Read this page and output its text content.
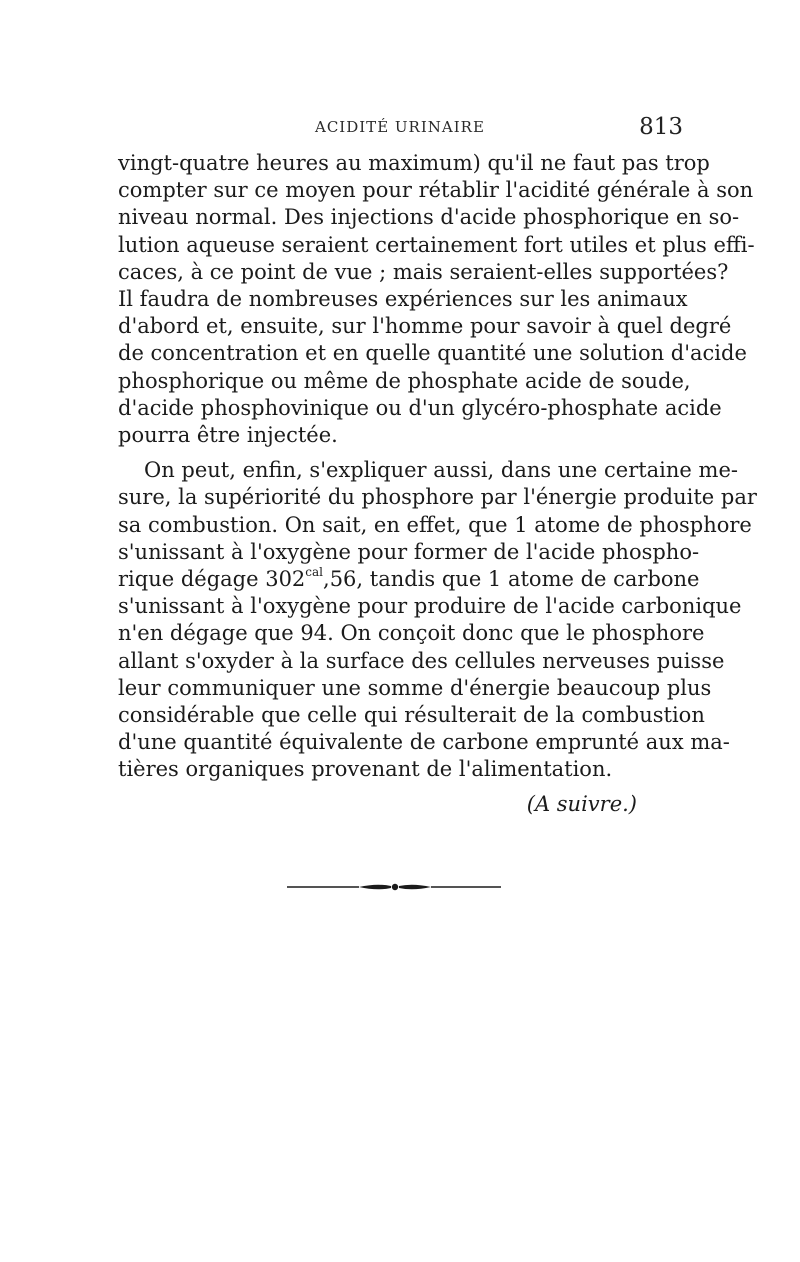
ACIDITÉ URINAIRE	813
vingt-quatre heures au maximum) qu'il ne faut pas trop
compter sur ce moyen pour rétablir l'acidité générale à son
niveau normal. Des injections d'acide phosphorique en so-
lution aqueuse seraient certainement fort utiles et plus effi-
caces, à ce point de vue ; mais seraient-elles supportées?
Il faudra de nombreuses expériences sur les animaux
d'abord et, ensuite, sur l'homme pour savoir à quel degré
de concentration et en quelle quantité une solution d'acide
phosphorique ou même de phosphate acide de soude,
d'acide phosphovinique ou d'un glycéro-phosphate acide
pourra être injectée.
On peut, enfin, s'expliquer aussi, dans une certaine me-
sure, la supériorité du phosphore par l'énergie produite par
sa combustion. On sait, en effet, que 1 atome de phosphore
s'unissant à l'oxygène pour former de l'acide phospho-
rique dégage $302^{cal},56$, tandis que 1 atome de carbone
s'unissant à l'oxygène pour produire de l'acide carbonique
n'en dégage que 94. On conçoit donc que le phosphore
allant s'oxyder à la surface des cellules nerveuses puisse
leur communiquer une somme d'énergie beaucoup plus
considérable que celle qui résulterait de la combustion
d'une quantité équivalente de carbone emprunté aux ma-
tières organiques provenant de l'alimentation.
(A suivre.)
